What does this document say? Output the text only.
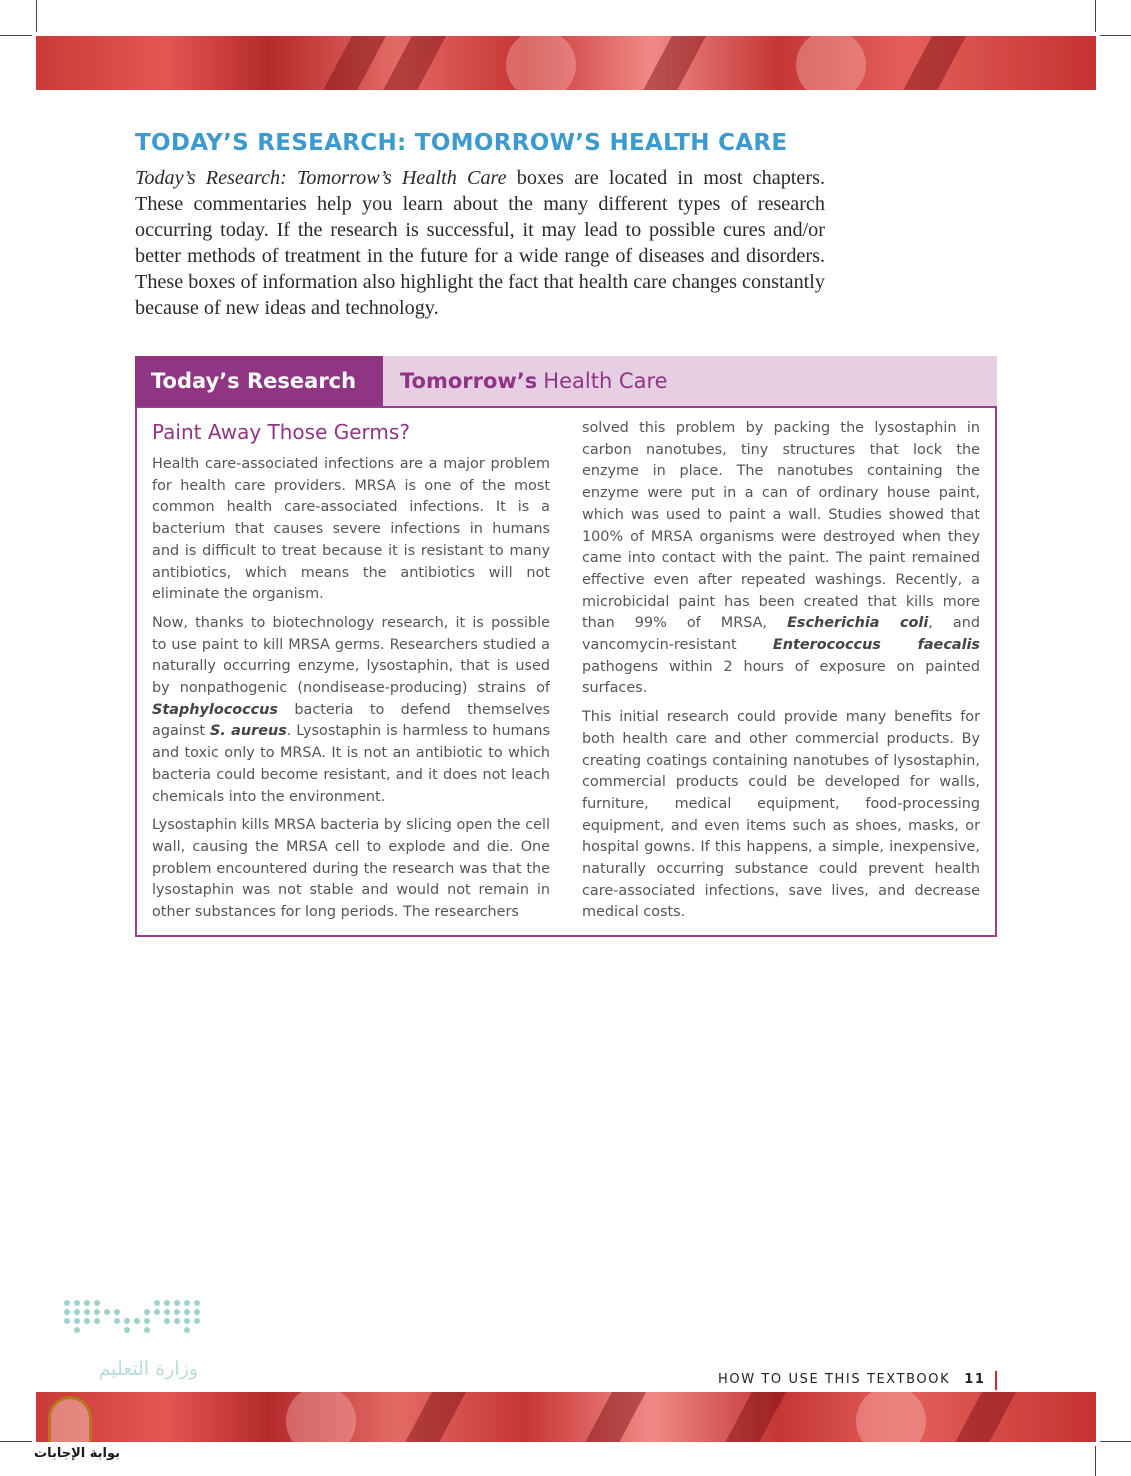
TODAY’S RESEARCH: TOMORROW’S HEALTH CARE

Today’s Research: Tomorrow’s Health Care boxes are located in most chapters. These commentaries help you learn about the many different types of research occurring today. If the research is successful, it may lead to possible cures and/or better methods of treatment in the future for a wide range of diseases and disorders. These boxes of information also highlight the fact that health care changes constantly because of new ideas and technology.

Today’s Research	Tomorrow’s Health Care
Paint Away Those Germs?

Health care-associated infections are a major problem for health care providers. MRSA is one of the most common health care-associated infections. It is a bacterium that causes severe infections in humans and is difficult to treat because it is resistant to many antibiotics, which means the antibiotics will not eliminate the organism.

Now, thanks to biotechnology research, it is possible to use paint to kill MRSA germs. Researchers studied a naturally occurring enzyme, lysostaphin, that is used by nonpathogenic (nondisease-producing) strains of Staphylococcus bacteria to defend themselves against S. aureus. Lysostaphin is harmless to humans and toxic only to MRSA. It is not an antibiotic to which bacteria could become resistant, and it does not leach chemicals into the environment.

Lysostaphin kills MRSA bacteria by slicing open the cell wall, causing the MRSA cell to explode and die. One problem encountered during the research was that the lysostaphin was not stable and would not remain in other substances for long periods. The researchers

solved this problem by packing the lysostaphin in carbon nanotubes, tiny structures that lock the enzyme in place. The nanotubes containing the enzyme were put in a can of ordinary house paint, which was used to paint a wall. Studies showed that 100% of MRSA organisms were destroyed when they came into contact with the paint. The paint remained effective even after repeated washings. Recently, a microbicidal paint has been created that kills more than 99% of MRSA, Escherichia coli, and vancomycin-resistant Enterococcus faecalis pathogens within 2 hours of exposure on painted surfaces.

This initial research could provide many benefits for both health care and other commercial products. By creating coatings containing nanotubes of lysostaphin, commercial products could be developed for walls, furniture, medical equipment, food-processing equipment, and even items such as shoes, masks, or hospital gowns. If this happens, a simple, inexpensive, naturally occurring substance could prevent health care-associated infections, save lives, and decrease medical costs.

وزارة التعليم	HOW TO USE THIS TEXTBOOK 11
بوابة الإجابات
